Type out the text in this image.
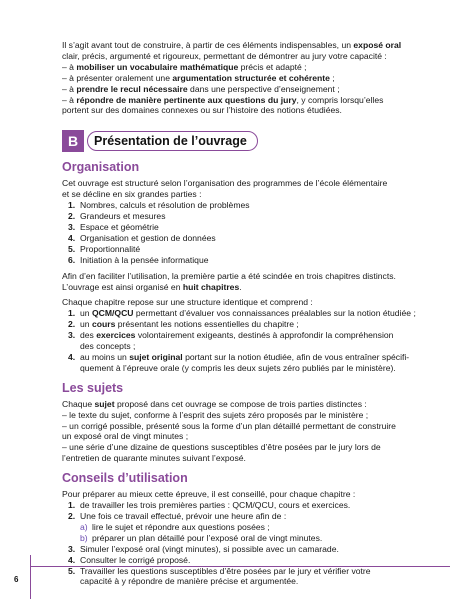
Il s’agit avant tout de construire, à partir de ces éléments indispensables, un exposé oral

clair, précis, argumenté et rigoureux, permettant de démontrer au jury votre capacité :

– à mobiliser un vocabulaire mathématique précis et adapté ;

– à présenter oralement une argumentation structurée et cohérente ;

– à prendre le recul nécessaire dans une perspective d’enseignement ;

– à répondre de manière pertinente aux questions du jury, y compris lorsqu’elles

portent sur des domaines connexes ou sur l’histoire des notions étudiées.

B	Présentation de l’ouvrage
Organisation

Cet ouvrage est structuré selon l’organisation des programmes de l’école élémentaire

et se décline en six grandes parties :

1. Nombres, calculs et résolution de problèmes
2. Grandeurs et mesures
3. Espace et géométrie
4. Organisation et gestion de données
5. Proportionnalité
6. Initiation à la pensée informatique

Afin d’en faciliter l’utilisation, la première partie a été scindée en trois chapitres distincts.

L’ouvrage est ainsi organisé en huit chapitres.

Chaque chapitre repose sur une structure identique et comprend :

1. un QCM/QCU permettant d’évaluer vos connaissances préalables sur la notion étudiée ;
2. un cours présentant les notions essentielles du chapitre ;
3. des exercices volontairement exigeants, destinés à approfondir la compréhension
des concepts ;
4. au moins un sujet original portant sur la notion étudiée, afin de vous entraîner spécifi-
quement à l’épreuve orale (y compris les deux sujets zéro publiés par le ministère).
Les sujets

Chaque sujet proposé dans cet ouvrage se compose de trois parties distinctes :

– le texte du sujet, conforme à l’esprit des sujets zéro proposés par le ministère ;

– un corrigé possible, présenté sous la forme d’un plan détaillé permettant de construire

un exposé oral de vingt minutes ;

– une série d’une dizaine de questions susceptibles d’être posées par le jury lors de

l’entretien de quarante minutes suivant l’exposé.

Conseils d’utilisation

Pour préparer au mieux cette épreuve, il est conseillé, pour chaque chapitre :

1. de travailler les trois premières parties : QCM/QCU, cours et exercices.
2. Une fois ce travail effectué, prévoir une heure afin de :
a) lire le sujet et répondre aux questions posées ;
b) préparer un plan détaillé pour l’exposé oral de vingt minutes.
3. Simuler l’exposé oral (vingt minutes), si possible avec un camarade.
4. Consulter le corrigé proposé.
5. Travailler les questions susceptibles d’être posées par le jury et vérifier votre
capacité à y répondre de manière précise et argumentée.
6
